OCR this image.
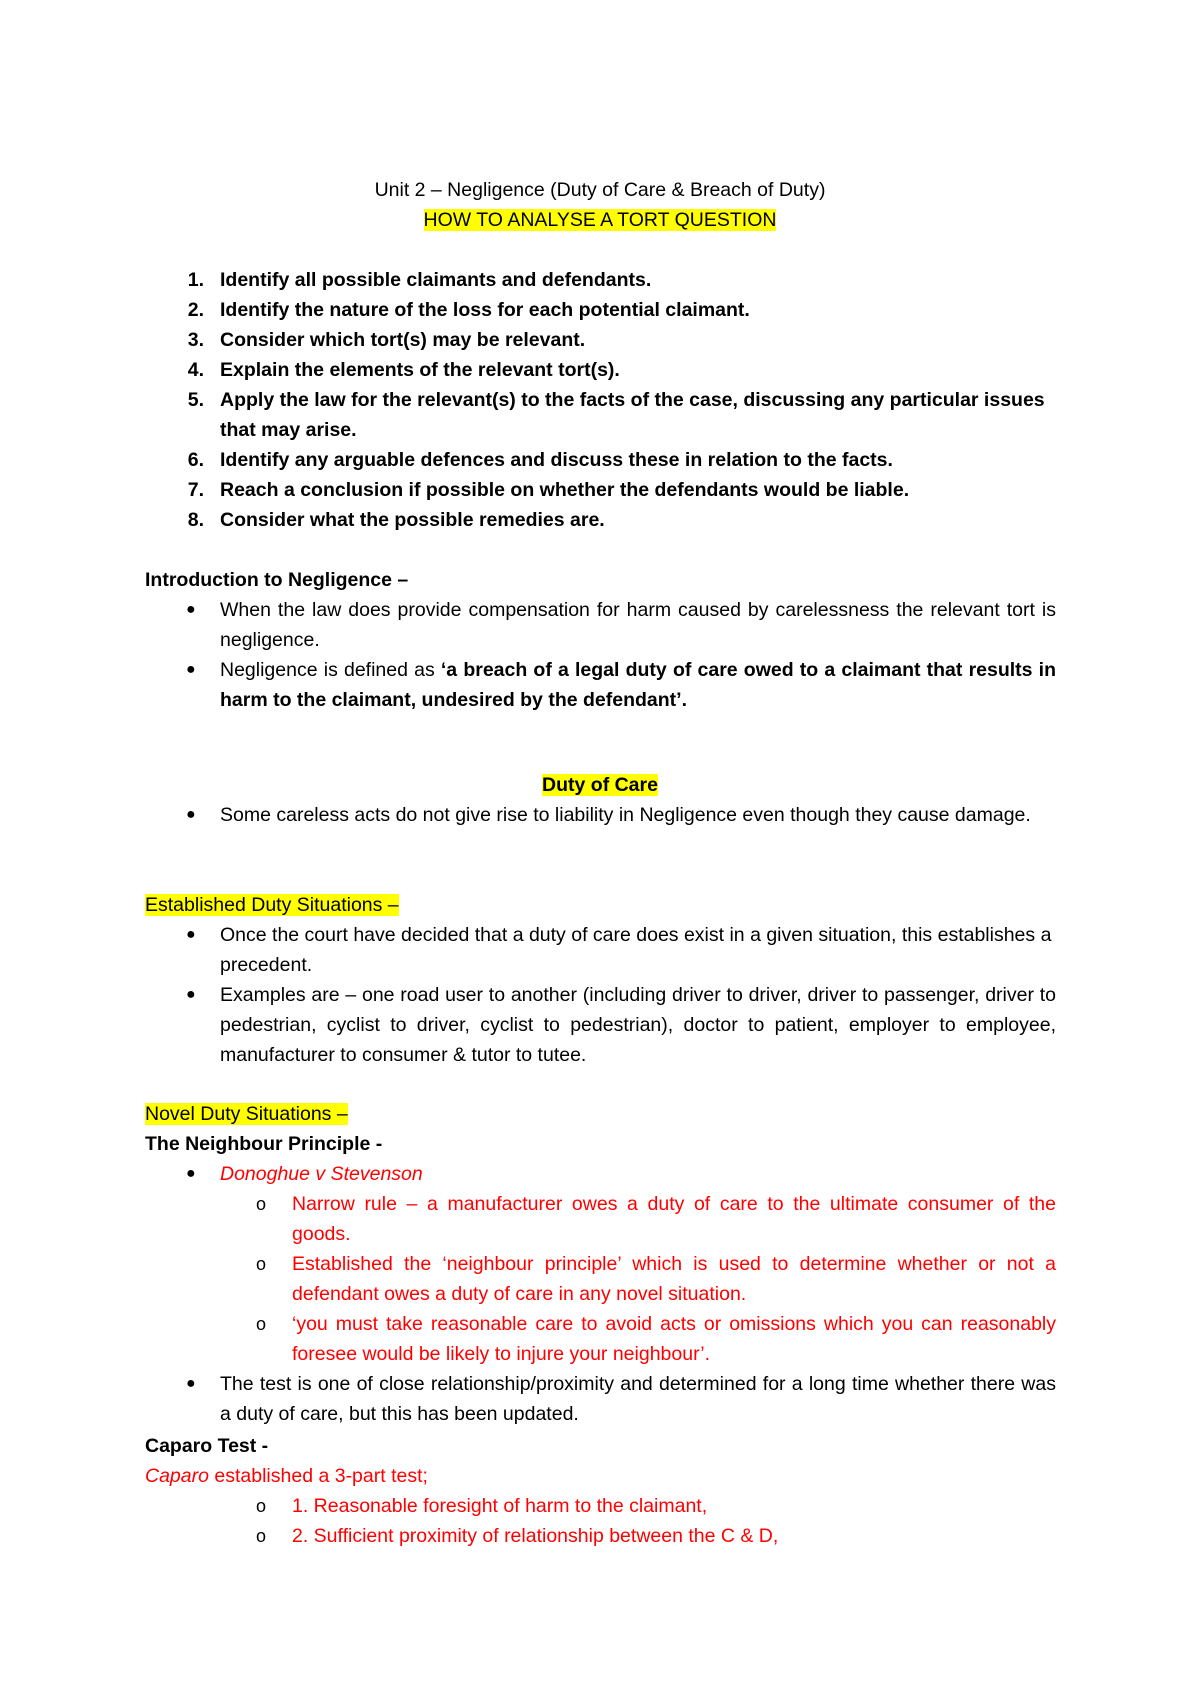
Unit 2 – Negligence (Duty of Care & Breach of Duty)
HOW TO ANALYSE A TORT QUESTION
1. Identify all possible claimants and defendants.
2. Identify the nature of the loss for each potential claimant.
3. Consider which tort(s) may be relevant.
4. Explain the elements of the relevant tort(s).
5. Apply the law for the relevant(s) to the facts of the case, discussing any particular issues that may arise.
6. Identify any arguable defences and discuss these in relation to the facts.
7. Reach a conclusion if possible on whether the defendants would be liable.
8. Consider what the possible remedies are.
Introduction to Negligence –
● When the law does provide compensation for harm caused by carelessness the relevant tort is negligence.
● Negligence is defined as ‘a breach of a legal duty of care owed to a claimant that results in harm to the claimant, undesired by the defendant’.
Duty of Care
● Some careless acts do not give rise to liability in Negligence even though they cause damage.
Established Duty Situations –
● Once the court have decided that a duty of care does exist in a given situation, this establishes a precedent.
● Examples are – one road user to another (including driver to driver, driver to passenger, driver to pedestrian, cyclist to driver, cyclist to pedestrian), doctor to patient, employer to employee, manufacturer to consumer & tutor to tutee.
Novel Duty Situations –
The Neighbour Principle -
● Donoghue v Stevenson
o Narrow rule – a manufacturer owes a duty of care to the ultimate consumer of the goods.
o Established the ‘neighbour principle’ which is used to determine whether or not a defendant owes a duty of care in any novel situation.
o ‘you must take reasonable care to avoid acts or omissions which you can reasonably foresee would be likely to injure your neighbour’.
● The test is one of close relationship/proximity and determined for a long time whether there was a duty of care, but this has been updated.
Caparo Test -
Caparo established a 3-part test;
o 1. Reasonable foresight of harm to the claimant,
o 2. Sufficient proximity of relationship between the C & D,
